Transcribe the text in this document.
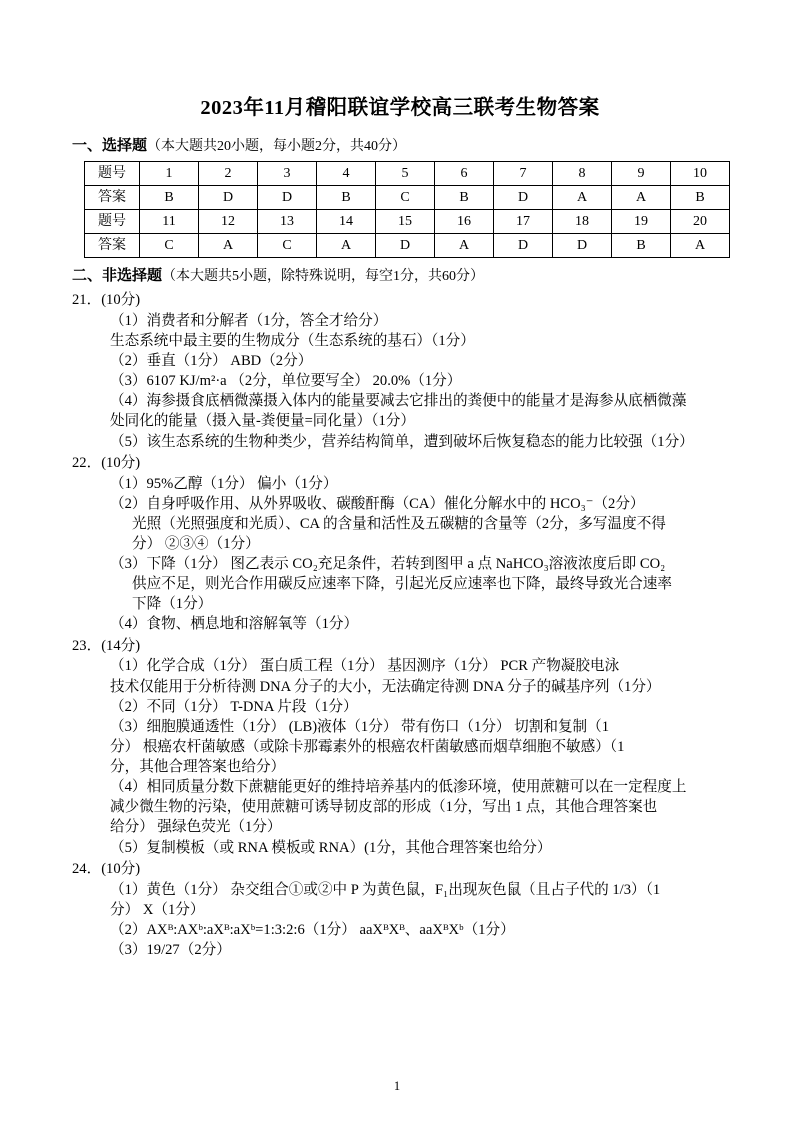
2023年11月稽阳联谊学校高三联考生物答案
一、选择题（本大题共20小题，每小题2分，共40分）
题号	1	2	3	4	5	6	7	8	9	10
答案	B	D	D	B	C	B	D	A	A	B
题号	11	12	13	14	15	16	17	18	19	20
答案	C	A	C	A	D	A	D	D	B	A
二、非选择题（本大题共5小题，除特殊说明，每空1分，共60分）
21．(10分)
（1）消费者和分解者（1分，答全才给分）
生态系统中最主要的生物成分（生态系统的基石）（1分）
（2）垂直（1分） ABD（2分）
（3）6107 KJ/m²·a （2分，单位要写全） 20.0%（1分）
（4）海参摄食底栖微藻摄入体内的能量要减去它排出的粪便中的能量才是海参从底栖微藻
处同化的能量（摄入量-粪便量=同化量）（1分）
（5）该生态系统的生物种类少，营养结构简单，遭到破坏后恢复稳态的能力比较强（1分）
22．(10分)
（1）95%乙醇（1分） 偏小（1分）
（2）自身呼吸作用、从外界吸收、碳酸酐酶（CA）催化分解水中的 HCO₃⁻（2分）
光照（光照强度和光质）、CA 的含量和活性及五碳糖的含量等（2分，多写温度不得
分） ②③④（1分）
（3）下降（1分） 图乙表示 CO₂充足条件，若转到图甲 a 点 NaHCO₃溶液浓度后即 CO₂
供应不足，则光合作用碳反应速率下降，引起光反应速率也下降，最终导致光合速率
下降（1分）
（4）食物、栖息地和溶解氧等（1分）
23．(14分)
（1）化学合成（1分） 蛋白质工程（1分） 基因测序（1分） PCR 产物凝胶电泳
技术仅能用于分析待测 DNA 分子的大小，无法确定待测 DNA 分子的碱基序列（1分）
（2）不同（1分） T-DNA 片段（1分）
（3）细胞膜通透性（1分） (LB)液体（1分） 带有伤口（1分） 切割和复制（1
分） 根癌农杆菌敏感（或除卡那霉素外的根癌农杆菌敏感而烟草细胞不敏感）（1
分，其他合理答案也给分）
（4）相同质量分数下蔗糖能更好的维持培养基内的低渗环境，使用蔗糖可以在一定程度上
减少微生物的污染，使用蔗糖可诱导韧皮部的形成（1分，写出 1 点，其他合理答案也
给分） 强绿色荧光（1分）
（5）复制模板（或 RNA 模板或 RNA）(1分，其他合理答案也给分）
24．(10分)
（1）黄色（1分） 杂交组合①或②中 P 为黄色鼠，F₁出现灰色鼠（且占子代的 1/3）（1
分） X（1分）
（2）AXᴮ:AXᵇ:aXᴮ:aXᵇ=1:3:2:6（1分） aaXᴮXᴮ、aaXᴮXᵇ（1分）
（3）19/27（2分）
1
